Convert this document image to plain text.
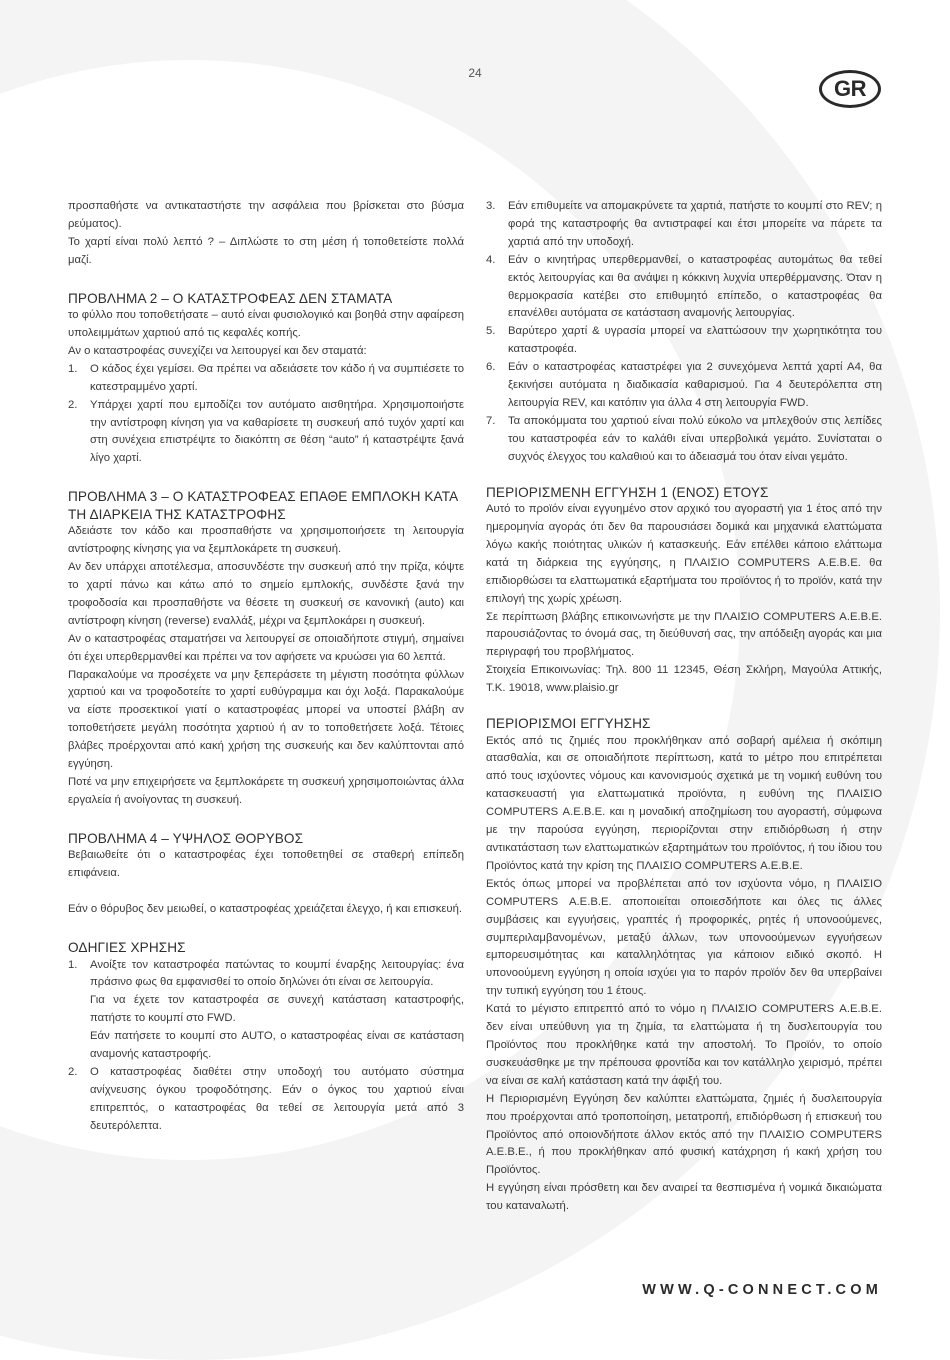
24
GR

προσπαθήστε να αντικαταστήστε την ασφάλεια που βρίσκεται στο βύσμα ρεύματος).

Το χαρτί είναι πολύ λεπτό ? – Διπλώστε το στη μέση ή τοποθετείστε πολλά μαζί.

ΠΡΟΒΛΗΜΑ 2 – Ο ΚΑΤΑΣΤΡΟΦΕΑΣ ΔΕΝ ΣΤΑΜΑΤΑ

το φύλλο που τοποθετήσατε – αυτό είναι φυσιολογικό και βοηθά στην αφαίρεση υπολειμμάτων χαρτιού από τις κεφαλές κοπής.

Αν ο καταστροφέας συνεχίζει να λειτουργεί και δεν σταματά:

1. Ο κάδος έχει γεμίσει. Θα πρέπει να αδειάσετε τον κάδο ή να συμπιέσετε το κατεστραμμένο χαρτί.
2. Υπάρχει χαρτί που εμποδίζει τον αυτόματο αισθητήρα. Χρησιμοποιήστε την αντίστροφη κίνηση για να καθαρίσετε τη συσκευή από τυχόν χαρτί και στη συνέχεια επιστρέψτε το διακόπτη σε θέση “auto” ή καταστρέψτε ξανά λίγο χαρτί.
ΠΡΟΒΛΗΜΑ 3 – Ο ΚΑΤΑΣΤΡΟΦΕΑΣ ΕΠΑΘΕ ΕΜΠΛΟΚΗ ΚΑΤΑ ΤΗ ΔΙΑΡΚΕΙΑ ΤΗΣ ΚΑΤΑΣΤΡΟΦΗΣ

Αδειάστε τον κάδο και προσπαθήστε να χρησιμοποιήσετε τη λειτουργία αντίστροφης κίνησης για να ξεμπλοκάρετε τη συσκευή.

Αν δεν υπάρχει αποτέλεσμα, αποσυνδέστε την συσκευή από την πρίζα, κόψτε το χαρτί πάνω και κάτω από το σημείο εμπλοκής, συνδέστε ξανά την τροφοδοσία και προσπαθήστε να θέσετε τη συσκευή σε κανονική (auto) και αντίστροφη κίνηση (reverse) εναλλάξ, μέχρι να ξεμπλοκάρει η συσκευή.

Αν ο καταστροφέας σταματήσει να λειτουργεί σε οποιαδήποτε στιγμή, σημαίνει ότι έχει υπερθερμανθεί και πρέπει να τον αφήσετε να κρυώσει για 60 λεπτά.

Παρακαλούμε να προσέχετε να μην ξεπεράσετε τη μέγιστη ποσότητα φύλλων χαρτιού και να τροφοδοτείτε το χαρτί ευθύγραμμα και όχι λοξά. Παρακαλούμε να είστε προσεκτικοί γιατί ο καταστροφέας μπορεί να υποστεί βλάβη αν τοποθετήσετε μεγάλη ποσότητα χαρτιού ή αν το τοποθετήσετε λοξά. Τέτοιες βλάβες προέρχονται από κακή χρήση της συσκευής και δεν καλύπτονται από εγγύηση.

Ποτέ να μην επιχειρήσετε να ξεμπλοκάρετε τη συσκευή χρησιμοποιώντας άλλα εργαλεία ή ανοίγοντας τη συσκευή.

ΠΡΟΒΛΗΜΑ 4 – ΥΨΗΛΟΣ ΘΟΡΥΒΟΣ

Βεβαιωθείτε ότι ο καταστροφέας έχει τοποθετηθεί σε σταθερή επίπεδη επιφάνεια.

Εάν ο θόρυβος δεν μειωθεί, ο καταστροφέας χρειάζεται έλεγχο, ή και επισκευή.

ΟΔΗΓΙΕΣ ΧΡΗΣΗΣ
1. Ανοίξτε τον καταστροφέα πατώντας το κουμπί έναρξης λειτουργίας: ένα πράσινο φως θα εμφανισθεί το οποίο δηλώνει ότι είναι σε λειτουργία.

Για να έχετε τον καταστροφέα σε συνεχή κατάσταση καταστροφής, πατήστε το κουμπί στο FWD.

Εάν πατήσετε το κουμπί στο AUTO, ο καταστροφέας είναι σε κατάσταση αναμονής καταστροφής.

2. Ο καταστροφέας διαθέτει στην υποδοχή του αυτόματο σύστημα ανίχνευσης όγκου τροφοδότησης. Εάν ο όγκος του χαρτιού είναι επιτρεπτός, ο καταστροφέας θα τεθεί σε λειτουργία μετά από 3 δευτερόλεπτα.
3. Εάν επιθυμείτε να απομακρύνετε τα χαρτιά, πατήστε το κουμπί στο REV; η φορά της καταστροφής θα αντιστραφεί και έτσι μπορείτε να πάρετε τα χαρτιά από την υποδοχή.
4. Εάν ο κινητήρας υπερθερμανθεί, ο καταστροφέας αυτομάτως θα τεθεί εκτός λειτουργίας και θα ανάψει η κόκκινη λυχνία υπερθέρμανσης. Όταν η θερμοκρασία κατέβει στο επιθυμητό επίπεδο, ο καταστροφέας θα επανέλθει αυτόματα σε κατάσταση αναμονής λειτουργίας.
5. Βαρύτερο χαρτί & υγρασία μπορεί να ελαττώσουν την χωρητικότητα του καταστροφέα.
6. Εάν ο καταστροφέας καταστρέφει για 2 συνεχόμενα λεπτά χαρτί Α4, θα ξεκινήσει αυτόματα η διαδικασία καθαρισμού. Για 4 δευτερόλεπτα στη λειτουργία REV, και κατόπιν για άλλα 4 στη λειτουργία FWD.
7. Τα αποκόμματα του χαρτιού είναι πολύ εύκολο να μπλεχθούν στις λεπίδες του καταστροφέα εάν το καλάθι είναι υπερβολικά γεμάτο. Συνίσταται ο συχνός έλεγχος του καλαθιού και το άδειασμά του όταν είναι γεμάτο.
ΠΕΡΙΟΡΙΣΜΕΝΗ ΕΓΓΥΗΣΗ 1 (ΕΝΟΣ) ΕΤΟΥΣ

Αυτό το προϊόν είναι εγγυημένο στον αρχικό του αγοραστή για 1 έτος από την ημερομηνία αγοράς ότι δεν θα παρουσιάσει δομικά και μηχανικά ελαττώματα λόγω κακής ποιότητας υλικών ή κατασκευής. Εάν επέλθει κάποιο ελάττωμα κατά τη διάρκεια της εγγύησης, η ΠΛΑΙΣΙΟ COMPUTERS Α.Ε.Β.Ε. θα επιδιορθώσει τα ελαττωματικά εξαρτήματα του προϊόντος ή το προϊόν, κατά την επιλογή της χωρίς χρέωση.

Σε περίπτωση βλάβης επικοινωνήστε με την ΠΛΑΙΣΙΟ COMPUTERS Α.Ε.Β.Ε. παρουσιάζοντας το όνομά σας, τη διεύθυνσή σας, την απόδειξη αγοράς και μια περιγραφή του προβλήματος.

Στοιχεία Επικοινωνίας: Τηλ. 800 11 12345, Θέση Σκλήρη, Μαγούλα Αττικής, Τ.Κ. 19018, www.plaisio.gr

ΠΕΡΙΟΡΙΣΜΟΙ ΕΓΓΥΗΣΗΣ

Εκτός από τις ζημιές που προκλήθηκαν από σοβαρή αμέλεια ή σκόπιμη ατασθαλία, και σε οποιαδήποτε περίπτωση, κατά το μέτρο που επιτρέπεται από τους ισχύοντες νόμους και κανονισμούς σχετικά με τη νομική ευθύνη του κατασκευαστή για ελαττωματικά προϊόντα, η ευθύνη της ΠΛΑΙΣΙΟ COMPUTERS Α.Ε.Β.Ε. και η μοναδική αποζημίωση του αγοραστή, σύμφωνα με την παρούσα εγγύηση, περιορίζονται στην επιδιόρθωση ή στην αντικατάσταση των ελαττωματικών εξαρτημάτων του προϊόντος, ή του ίδιου του Προϊόντος κατά την κρίση της ΠΛΑΙΣΙΟ COMPUTERS Α.Ε.Β.Ε.

Εκτός όπως μπορεί να προβλέπεται από τον ισχύοντα νόμο, η ΠΛΑΙΣΙΟ COMPUTERS Α.Ε.Β.Ε. αποποιείται οποιεσδήποτε και όλες τις άλλες συμβάσεις και εγγυήσεις, γραπτές ή προφορικές, ρητές ή υπονοούμενες, συμπεριλαμβανομένων, μεταξύ άλλων, των υπονοούμενων εγγυήσεων εμπορευσιμότητας και καταλληλότητας για κάποιον ειδικό σκοπό. Η υπονοούμενη εγγύηση η οποία ισχύει για το παρόν προϊόν δεν θα υπερβαίνει την τυπική εγγύηση του 1 έτους.

Κατά το μέγιστο επιτρεπτό από το νόμο η ΠΛΑΙΣΙΟ COMPUTERS Α.Ε.Β.Ε. δεν είναι υπεύθυνη για τη ζημία, τα ελαττώματα ή τη δυσλειτουργία του Προϊόντος που προκλήθηκε κατά την αποστολή. Το Προϊόν, το οποίο συσκευάσθηκε με την πρέπουσα φροντίδα και τον κατάλληλο χειρισμό, πρέπει να είναι σε καλή κατάσταση κατά την άφιξή του.

Η Περιορισμένη Εγγύηση δεν καλύπτει ελαττώματα, ζημιές ή δυσλειτουργία που προέρχονται από τροποποίηση, μετατροπή, επιδιόρθωση ή επισκευή του Προϊόντος από οποιονδήποτε άλλον εκτός από την ΠΛΑΙΣΙΟ COMPUTERS Α.Ε.Β.Ε., ή που προκλήθηκαν από φυσική κατάχρηση ή κακή χρήση του Προϊόντος.

Η εγγύηση είναι πρόσθετη και δεν αναιρεί τα θεσπισμένα ή νομικά δικαιώματα του καταναλωτή.

WWW.Q-CONNECT.COM
